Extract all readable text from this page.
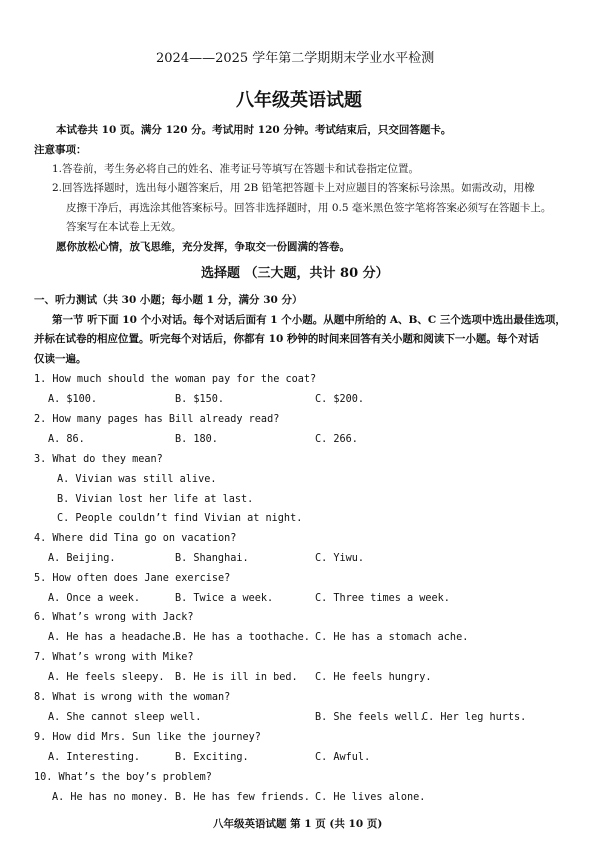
2024——2025 学年第二学期期末学业水平检测
八年级英语试题
本试卷共 10 页。满分 120 分。考试用时 120 分钟。考试结束后，只交回答题卡。
注意事项：
1.答卷前，考生务必将自己的姓名、准考证号等填写在答题卡和试卷指定位置。
2.回答选择题时，选出每小题答案后，用 2B 铅笔把答题卡上对应题目的答案标号涂黑。如需改动，用橡
皮擦干净后，再选涂其他答案标号。回答非选择题时，用 0.5 毫米黑色签字笔将答案必须写在答题卡上。
答案写在本试卷上无效。
愿你放松心情，放飞思维，充分发挥，争取交一份圆满的答卷。
选择题 （三大题，共计 80 分）
一、听力测试（共 30 小题；每小题 1 分，满分 30 分）
第一节 听下面 10 个小对话。每个对话后面有 1 个小题。从题中所给的 A、B、C 三个选项中选出最佳选项，
并标在试卷的相应位置。听完每个对话后，你都有 10 秒钟的时间来回答有关小题和阅读下一小题。每个对话
仅读一遍。
1. How much should the woman pay for the coat?
A. $100.	B. $150.	C. $200.
2. How many pages has Bill already read?
A. 86.	B. 180.	C. 266.
3. What do they mean?
A. Vivian was still alive.
B. Vivian lost her life at last.
C. People couldn’t find Vivian at night.
4. Where did Tina go on vacation?
A. Beijing.	B. Shanghai.	C. Yiwu.
5. How often does Jane exercise?
A. Once a week.	B. Twice a week.	C. Three times a week.
6. What’s wrong with Jack?
A. He has a headache.
B. He has a toothache. C. He has a stomach ache.
7. What’s wrong with Mike?
A. He feels sleepy. B. He is ill in bed. C. He feels hungry.
8. What is wrong with the woman?
A. She cannot sleep well.	B. She feels well.
C. Her leg hurts.
9. How did Mrs. Sun like the journey?
A. Interesting.	B. Exciting.	C. Awful.
10. What’s the boy’s problem?
A. He has no money. B. He has few friends. C. He lives alone.
八年级英语试题 第 1 页 (共 10 页)
